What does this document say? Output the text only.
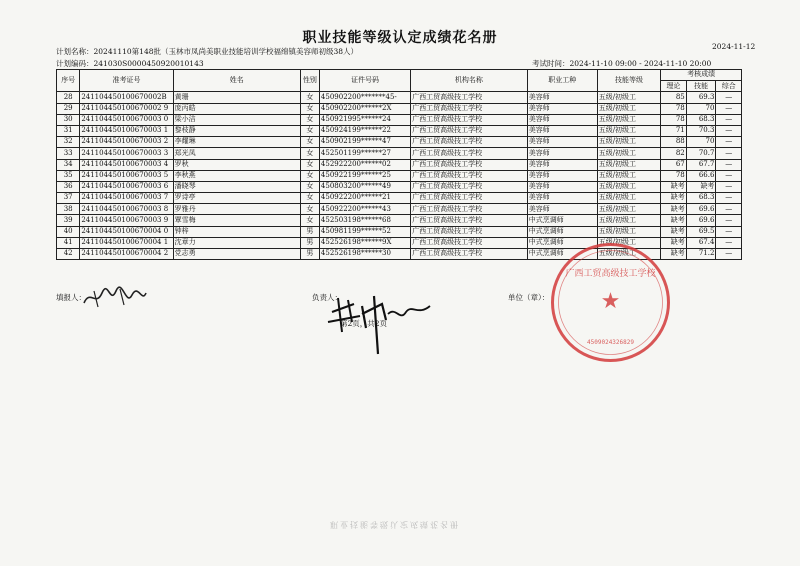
职业技能等级认定成绩花名册
2024-11-12
计划名称：20241110第148批（玉林市凤尚美职业技能培训学校福绵镇美容师初级38人）
计划编码：241030S0000450920010143	考试时间：2024-11-10 09:00 - 2024-11-10 20:00
序号	准考证号	姓名	性别	证件号码	机构名称	职业工种	技能等级	考核成绩		
								理论	技能	综合
28	241104450100670002B	黄珊	女	450902200*******45-	广西工贸高级技工学校	美容师	五级/初级工	85	69.3	—
29	241104450100670002 9	庞丙皓	女	450902200******2X	广西工贸高级技工学校	美容师	五级/初级工	78	70	—
30	241104450100670003 0	梁小洁	女	450921995******24	广西工贸高级技工学校	美容师	五级/初级工	78	68.3	—
31	241104450100670003 1	黎枝静	女	450924199******22	广西工贸高级技工学校	美容师	五级/初级工	71	70.3	—
32	241104450100670003 2	李耀琳	女	450902199******47	广西工贸高级技工学校	美容师	五级/初级工	88	70	—
33	241104450100670003 3	郑光凤	女	452501199******27	广西工贸高级技工学校	美容师	五级/初级工	82	70.7	—
34	241104450100670003 4	罗秋	女	452922200******02	广西工贸高级技工学校	美容师	五级/初级工	67	67.7	—
35	241104450100670003 5	李秋燕	女	450922199******25	广西工贸高级技工学校	美容师	五级/初级工	78	66.6	—
36	241104450100670003 6	潘晓琴	女	450803200******49	广西工贸高级技工学校	美容师	五级/初级工	缺考	缺考	—
37	241104450100670003 7	罗诗亭	女	450922200******21	广西工贸高级技工学校	美容师	五级/初级工	缺考	68.3	—
38	241104450100670003 8	罗雅丹	女	450922200******43	广西工贸高级技工学校	美容师	五级/初级工	缺考	69.6	—
39	241104450100670003 9	覃雪梅	女	452503198******68	广西工贸高级技工学校	中式烹调师	五级/初级工	缺考	69.6	—
40	241104450100670004 0	钟梓	男	450981199******52	广西工贸高级技工学校	中式烹调师	五级/初级工	缺考	69.5	—
41	241104450100670004 1	沈章力	男	452526198******9X	广西工贸高级技工学校	中式烹调师	五级/初级工	缺考	67.4	—
42	241104450100670004 2	党志勇	男	452526198******30	广西工贸高级技工学校	中式烹调师	五级/初级工	缺考	71.2	—
填报人：	负责人：
第2页，共2页
单位（章）： ★
广西工贸高级技工学校
4509024326829
职业技能等级认定成绩花名册
